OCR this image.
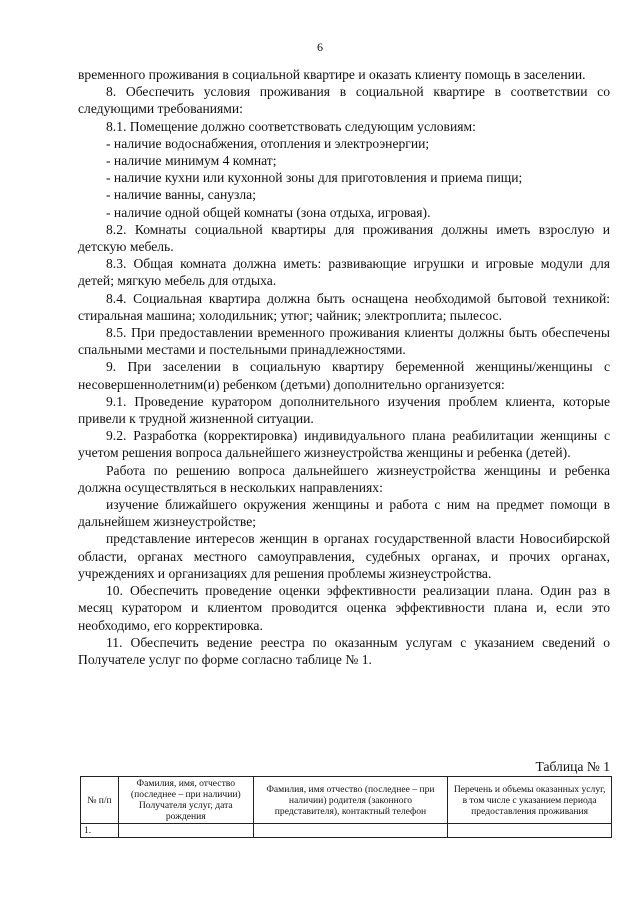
6

временного проживания в социальной квартире и оказать клиенту помощь в заселении.

8. Обеспечить условия проживания в социальной квартире в соответствии со следующими требованиями:

8.1. Помещение должно соответствовать следующим условиям:

- наличие водоснабжения, отопления и электроэнергии;

- наличие минимум 4 комнат;

- наличие кухни или кухонной зоны для приготовления и приема пищи;

- наличие ванны, санузла;

- наличие одной общей комнаты (зона отдыха, игровая).

8.2. Комнаты социальной квартиры для проживания должны иметь взрослую и детскую мебель.

8.3. Общая комната должна иметь: развивающие игрушки и игровые модули для детей; мягкую мебель для отдыха.

8.4. Социальная квартира должна быть оснащена необходимой бытовой техникой: стиральная машина; холодильник; утюг; чайник; электроплита; пылесос.

8.5. При предоставлении временного проживания клиенты должны быть обеспечены спальными местами и постельными принадлежностями.

9. При заселении в социальную квартиру беременной женщины/женщины с несовершеннолетним(и) ребенком (детьми) дополнительно организуется:

9.1. Проведение куратором дополнительного изучения проблем клиента, которые привели к трудной жизненной ситуации.

9.2. Разработка (корректировка) индивидуального плана реабилитации женщины с учетом решения вопроса дальнейшего жизнеустройства женщины и ребенка (детей).

Работа по решению вопроса дальнейшего жизнеустройства женщины и ребенка должна осуществляться в нескольких направлениях:

изучение ближайшего окружения женщины и работа с ним на предмет помощи в дальнейшем жизнеустройстве;

представление интересов женщин в органах государственной власти Новосибирской области, органах местного самоуправления, судебных органах, и прочих органах, учреждениях и организациях для решения проблемы жизнеустройства.

10. Обеспечить проведение оценки эффективности реализации плана. Один раз в месяц куратором и клиентом проводится оценка эффективности плана и, если это необходимо, его корректировка.

11. Обеспечить ведение реестра по оказанным услугам с указанием сведений о Получателе услуг по форме согласно таблице № 1.

Таблица № 1
№ п/п	Фамилия, имя, отчество (последнее – при наличии) Получателя услуг, дата рождения	Фамилия, имя отчество (последнее – при наличии) родителя (законного представителя), контактный телефон	Перечень и объемы оказанных услуг, в том числе с указанием периода предоставления проживания
1.			
